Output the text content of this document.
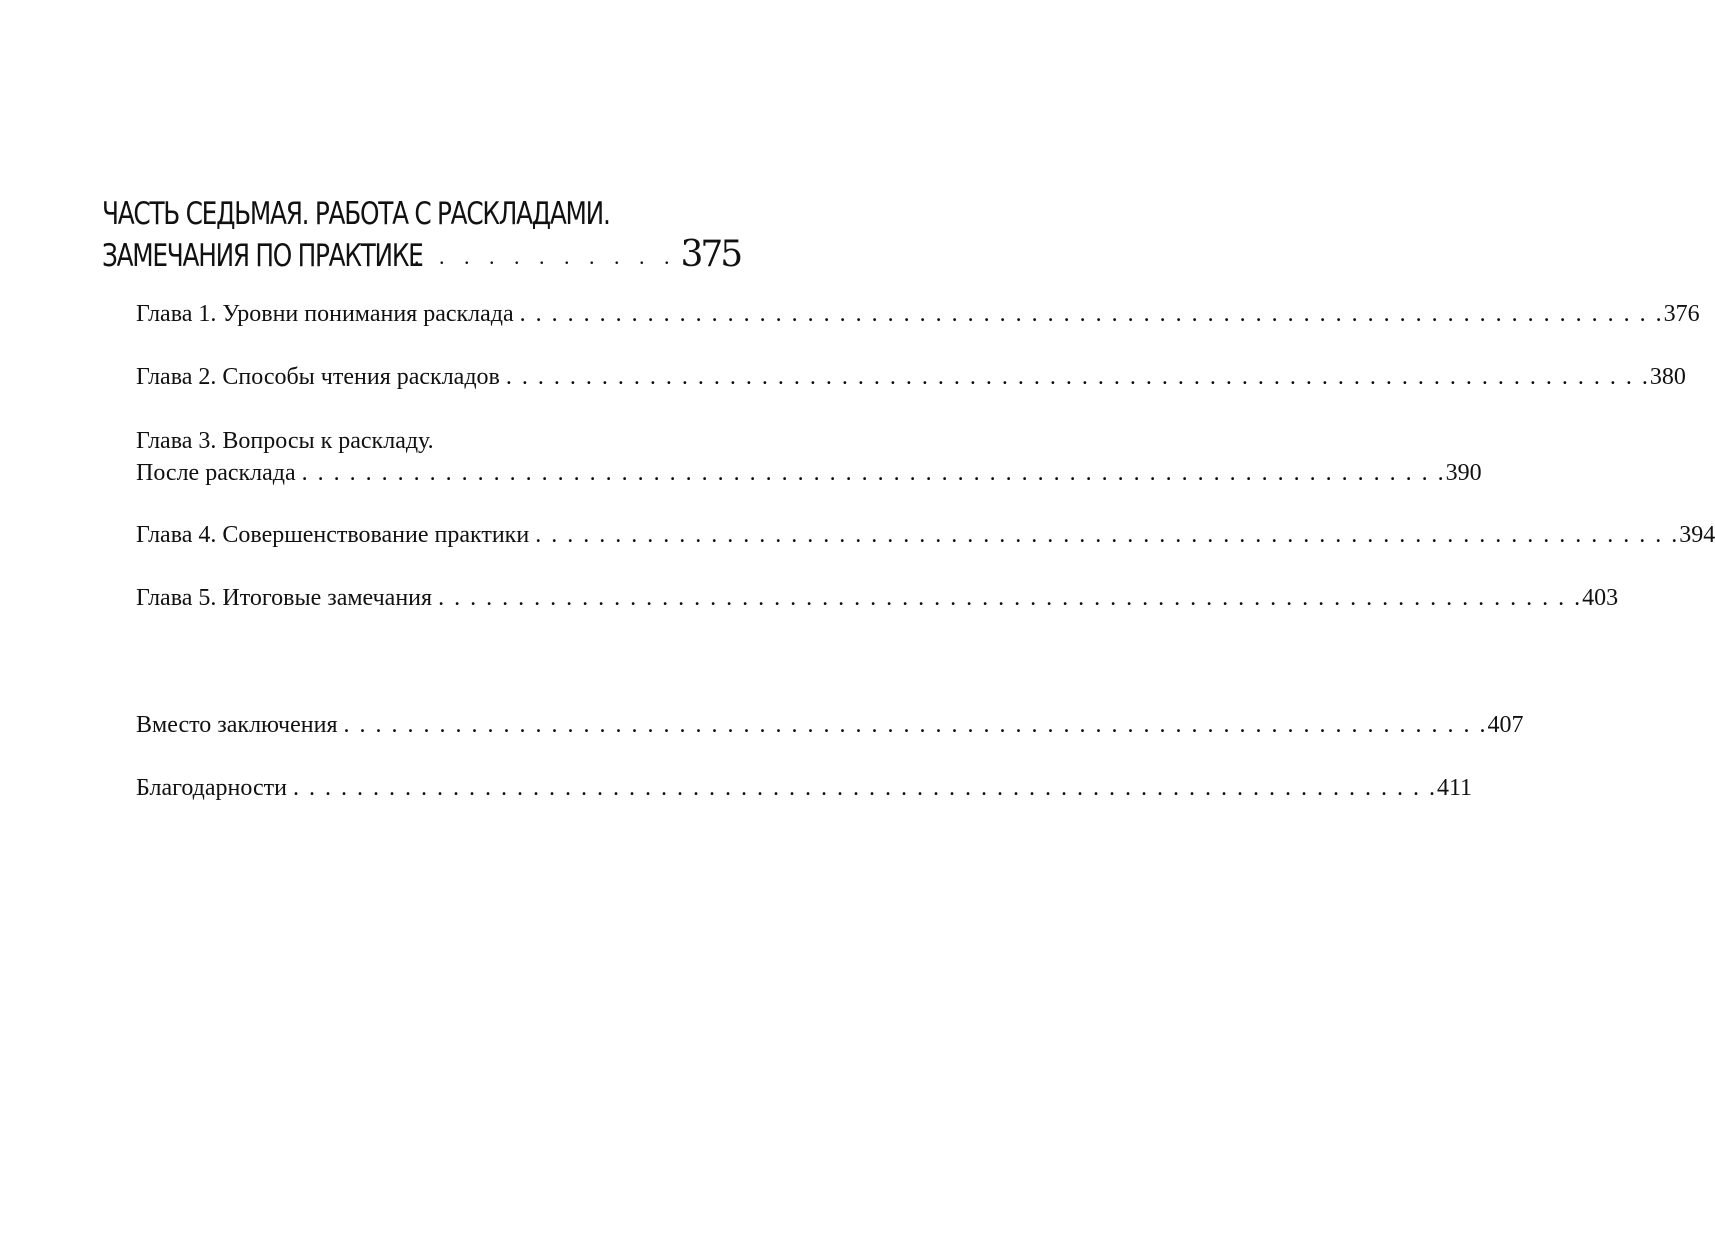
ЧАСТЬ СЕДЬМАЯ. РАБОТА С РАСКЛАДАМИ.
ЗАМЕЧАНИЯ ПО ПРАКТИКЕ
. . . . . . . . . . . 375
Глава 1. Уровни понимания расклада . . .	376
Глава 2. Способы чтения раскладов . . .	380
Глава 3. Вопросы к раскладу.
После расклада . . .	390
Глава 4. Совершенствование практики . . .	394
Глава 5. Итоговые замечания . . .	403
Вместо заключения . . .	407
Благодарности . . .	411
